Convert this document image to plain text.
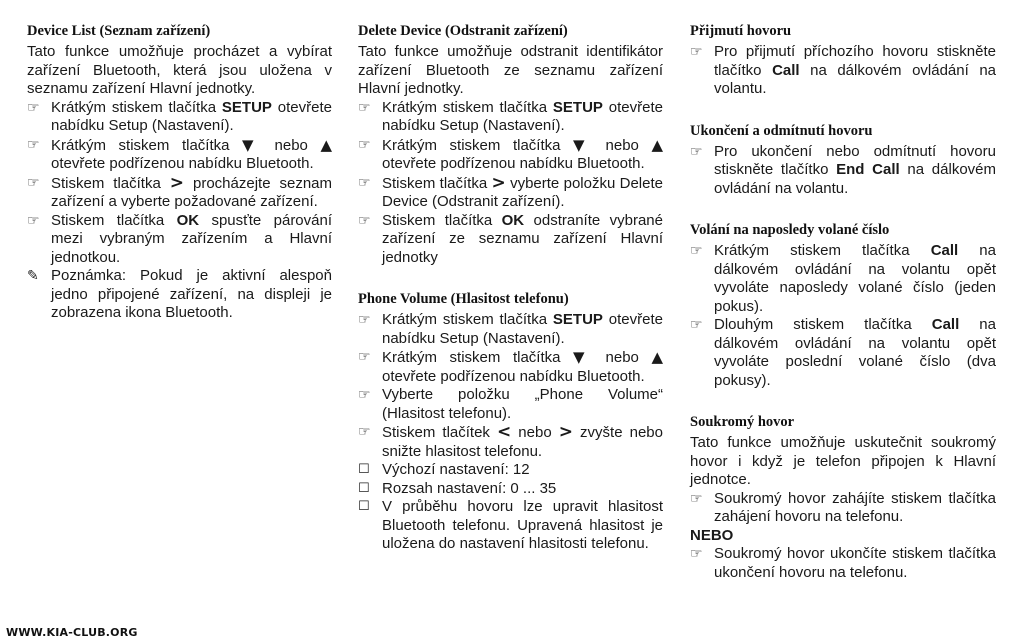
Device List (Seznam zařízení)

Tato funkce umožňuje procházet a vybírat zařízení Bluetooth, která jsou uložena v seznamu zařízení Hlavní jednotky.

☞ Krátkým stiskem tlačítka SETUP otevřete nabídku Setup (Nastavení).
☞ Krátkým stiskem tlačítka ▼ nebo ▲ otevřete podřízenou nabídku Bluetooth.
☞ Stiskem tlačítka > procházejte seznam zařízení a vyberte požadované zařízení.
☞ Stiskem tlačítka OK spusťte párování mezi vybraným zařízením a Hlavní jednotkou.
✎ Poznámka: Pokud je aktivní alespoň jedno připojené zařízení, na displeji je zobrazena ikona Bluetooth.
Delete Device (Odstranit zařízení)

Tato funkce umožňuje odstranit identifikátor zařízení Bluetooth ze seznamu zařízení Hlavní jednotky.

☞ Krátkým stiskem tlačítka SETUP otevřete nabídku Setup (Nastavení).
☞ Krátkým stiskem tlačítka ▼ nebo ▲ otevřete podřízenou nabídku Bluetooth.
☞ Stiskem tlačítka > vyberte položku Delete Device (Odstranit zařízení).
☞ Stiskem tlačítka OK odstraníte vybrané zařízení ze seznamu zařízení Hlavní jednotky
Phone Volume (Hlasitost telefonu)
☞ Krátkým stiskem tlačítka SETUP otevřete nabídku Setup (Nastavení).
☞ Krátkým stiskem tlačítka ▼ nebo ▲ otevřete podřízenou nabídku Bluetooth.
☞ Vyberte položku „Phone Volume“ (Hlasitost telefonu).
☞ Stiskem tlačítek < nebo > zvyšte nebo snižte hlasitost telefonu.
☐ Výchozí nastavení: 12
☐ Rozsah nastavení: 0 ... 35
☐ V průběhu hovoru lze upravit hlasitost Bluetooth telefonu. Upravená hlasitost je uložena do nastavení hlasitosti telefonu.
Přijmutí hovoru
☞ Pro přijmutí příchozího hovoru stiskněte tlačítko Call na dálkovém ovládání na volantu.
Ukončení a odmítnutí hovoru
☞ Pro ukončení nebo odmítnutí hovoru stiskněte tlačítko End Call na dálkovém ovládání na volantu.
Volání na naposledy volané číslo
☞ Krátkým stiskem tlačítka Call na dálkovém ovládání na volantu opět vyvoláte naposledy volané číslo (jeden pokus).
☞ Dlouhým stiskem tlačítka Call na dálkovém ovládání na volantu opět vyvoláte poslední volané číslo (dva pokusy).
Soukromý hovor

Tato funkce umožňuje uskutečnit soukromý hovor i když je telefon připojen k Hlavní jednotce.

☞ Soukromý hovor zahájíte stiskem tlačítka zahájení hovoru na telefonu.
NEBO
☞ Soukromý hovor ukončíte stiskem tlačítka ukončení hovoru na telefonu.
WWW.KIA-CLUB.ORG
